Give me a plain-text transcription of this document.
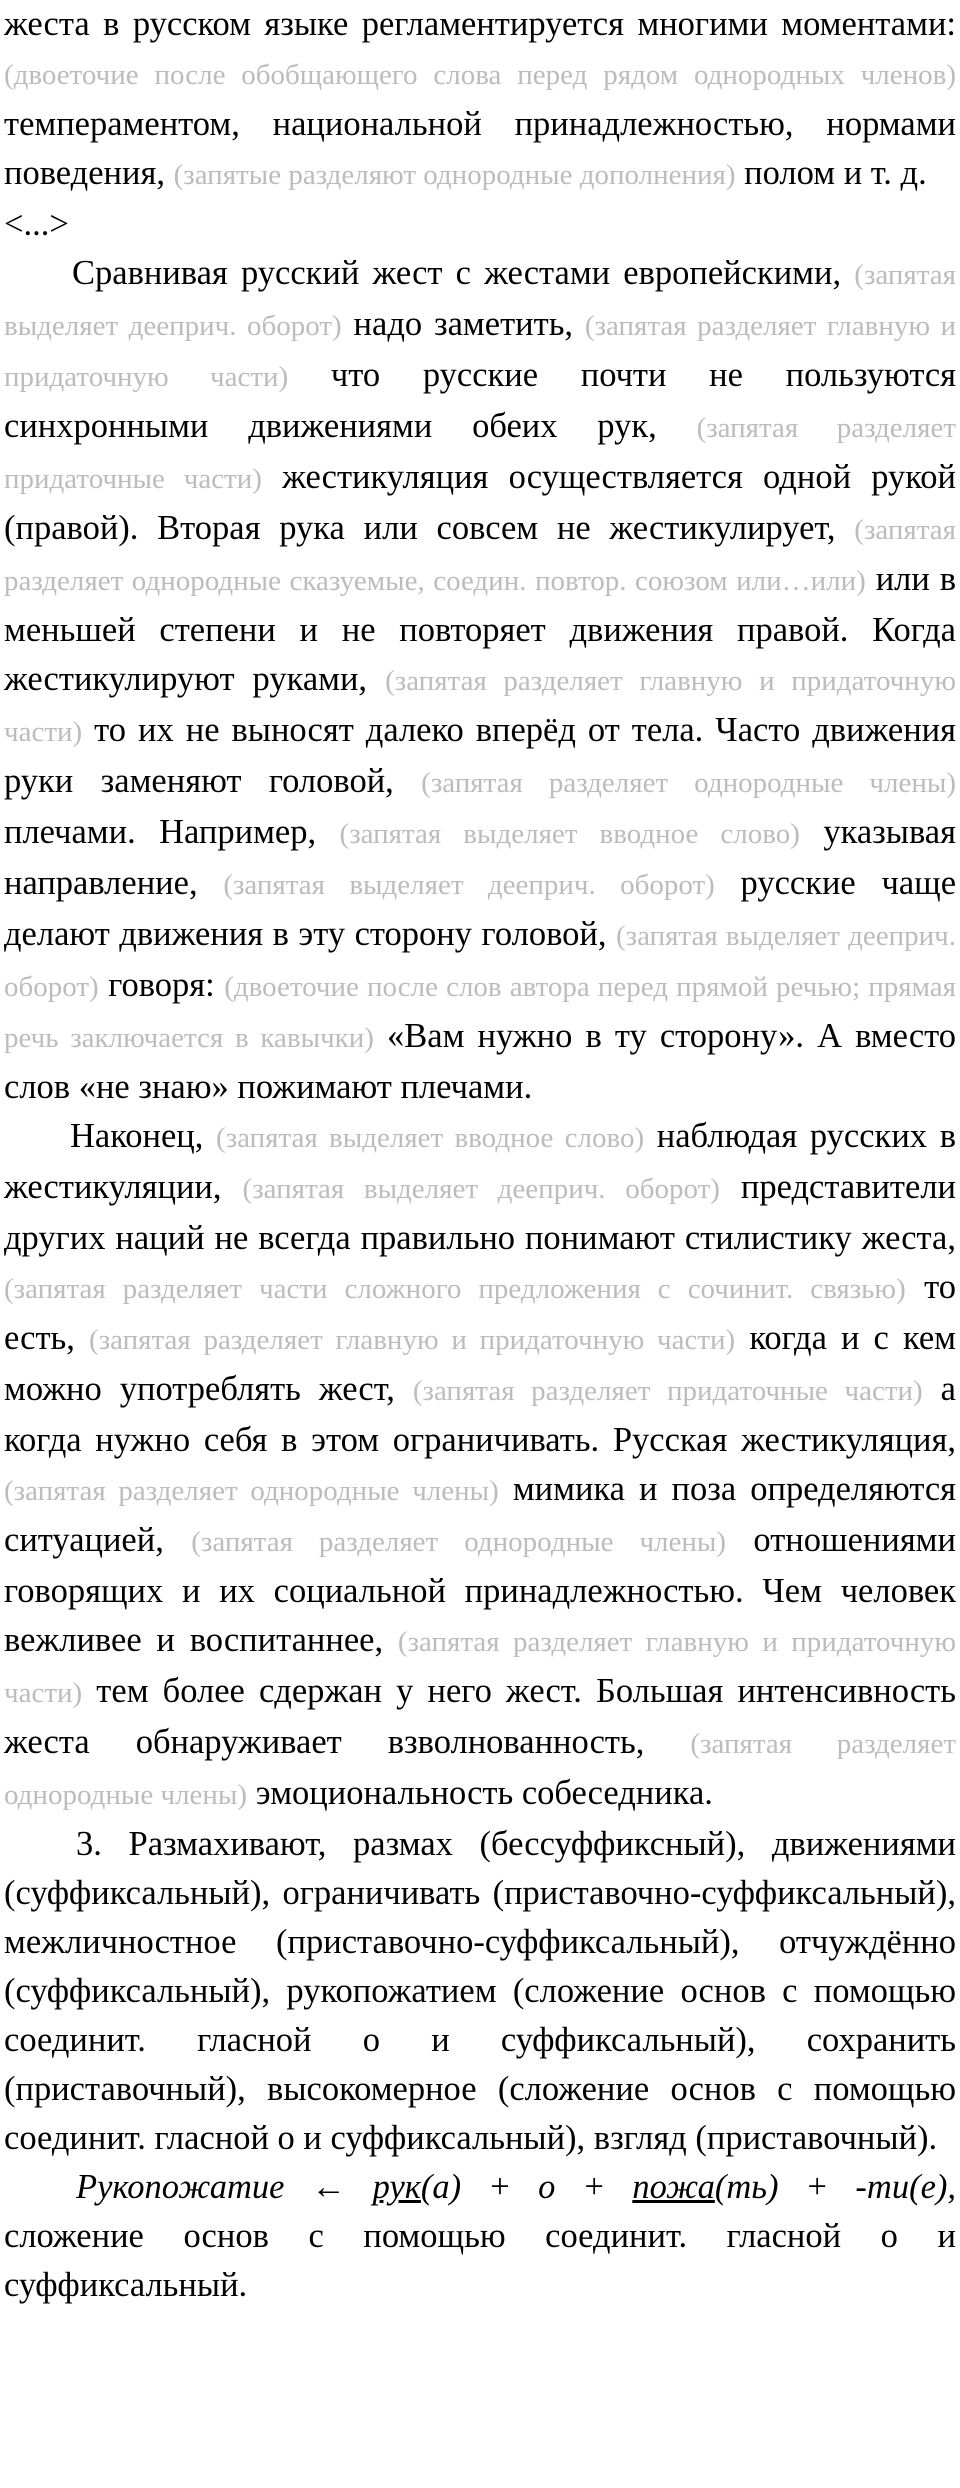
жеста в русском языке регламентируется многими моментами: (двоеточие после обобщающего слова перед рядом однородных членов) темпераментом, национальной принадлежностью, нормами поведения, (запятые разделяют однородные дополнения) полом и т. д.

<...>

Сравнивая русский жест с жестами европейскими, (запятая выделяет дееприч. оборот) надо заметить, (запятая разделяет главную и придаточную части) что русские почти не пользуются синхронными движениями обеих рук, (запятая разделяет придаточные части) жестикуляция осуществляется одной рукой (правой). Вторая рука или совсем не жестикулирует, (запятая разделяет однородные сказуемые, соедин. повтор. союзом или…или) или в меньшей степени и не повторяет движения правой. Когда жестикулируют руками, (запятая разделяет главную и придаточную части) то их не выносят далеко вперёд от тела. Часто движения руки заменяют головой, (запятая разделяет однородные члены) плечами. Например, (запятая выделяет вводное слово) указывая направление, (запятая выделяет дееприч. оборот) русские чаще делают движения в эту сторону головой, (запятая выделяет дееприч. оборот) говоря: (двоеточие после слов автора перед прямой речью; прямая речь заключается в кавычки) «Вам нужно в ту сторону». А вместо слов «не знаю» пожимают плечами.

Наконец, (запятая выделяет вводное слово) наблюдая русских в жестикуляции, (запятая выделяет дееприч. оборот) представители других наций не всегда правильно понимают стилистику жеста, (запятая разделяет части сложного предложения с сочинит. связью) то есть, (запятая разделяет главную и придаточную части) когда и с кем можно употреблять жест, (запятая разделяет придаточные части) а когда нужно себя в этом ограничивать. Русская жестикуляция, (запятая разделяет однородные члены) мимика и поза определяются ситуацией, (запятая разделяет однородные члены) отношениями говорящих и их социальной принадлежностью. Чем человек вежливее и воспитаннее, (запятая разделяет главную и придаточную части) тем более сдержан у него жест. Большая интенсивность жеста обнаруживает взволнованность, (запятая разделяет однородные члены) эмоциональность собеседника.

3. Размахивают, размах (бессуффиксный), движениями (суффиксальный), ограничивать (приставочно-суффиксальный), межличностное (приставочно-суффиксальный), отчуждённо (суффиксальный), рукопожатием (сложение основ с помощью соединит. гласной о и суффиксальный), сохранить (приставочный), высокомерное (сложение основ с помощью соединит. гласной о и суффиксальный), взгляд (приставочный).

Рукопожатие ← рук(а) + о + пожа(ть) + -ти(е), сложение основ с помощью соединит. гласной о и суффиксальный.
